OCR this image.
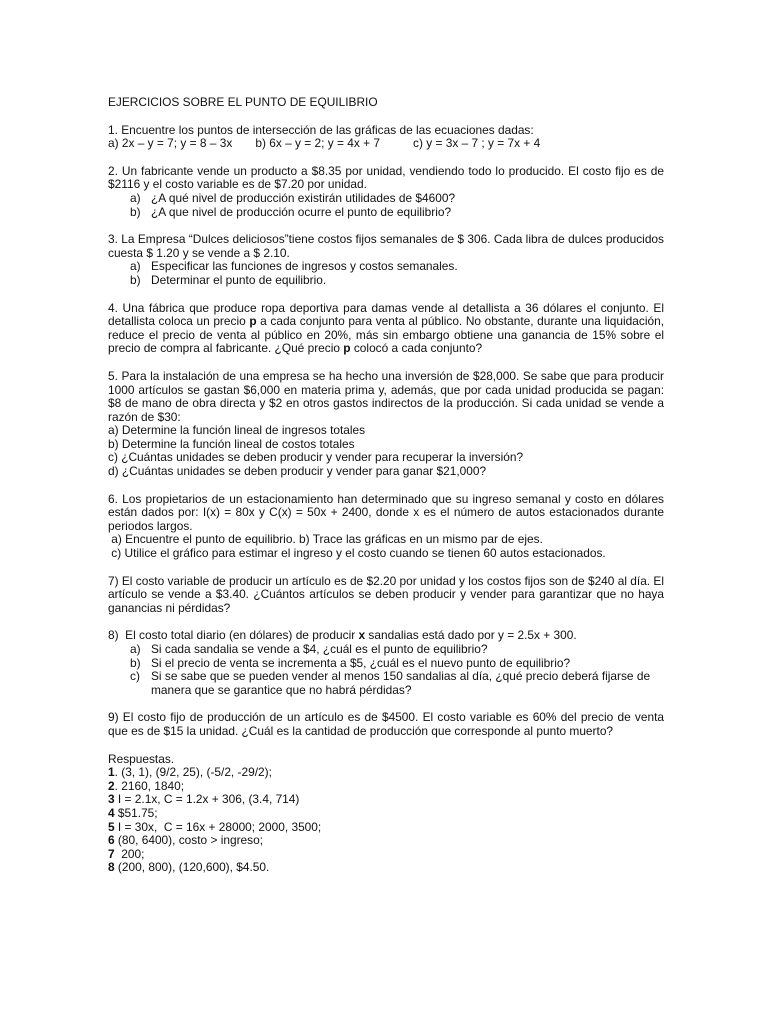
EJERCICIOS SOBRE EL PUNTO DE EQUILIBRIO
1. Encuentre los puntos de intersección de las gráficas de las ecuaciones dadas:
a) 2x – y = 7; y = 8 – 3x       b) 6x – y = 2; y = 4x + 7          c) y = 3x – 7 ; y = 7x + 4
2. Un fabricante vende un producto a $8.35 por unidad, vendiendo todo lo producido. El costo fijo es de $2116 y el costo variable es de $7.20 por unidad.
a) ¿A qué nivel de producción existirán utilidades de $4600?
b) ¿A que nivel de producción ocurre el punto de equilibrio?
3. La Empresa “Dulces deliciosos”tiene costos fijos semanales de $ 306. Cada libra de dulces producidos cuesta $ 1.20 y se vende a $ 2.10.
a) Especificar las funciones de ingresos y costos semanales.
b) Determinar el punto de equilibrio.
4. Una fábrica que produce ropa deportiva para damas vende al detallista a 36 dólares el conjunto. El detallista coloca un precio p a cada conjunto para venta al público. No obstante, durante una liquidación, reduce el precio de venta al público en 20%, más sin embargo obtiene una ganancia de 15% sobre el precio de compra al fabricante. ¿Qué precio p colocó a cada conjunto?
5. Para la instalación de una empresa se ha hecho una inversión de $28,000. Se sabe que para producir 1000 artículos se gastan $6,000 en materia prima y, además, que por cada unidad producida se pagan: $8 de mano de obra directa y $2 en otros gastos indirectos de la producción. Si cada unidad se vende a razón de $30:
a) Determine la función lineal de ingresos totales
b) Determine la función lineal de costos totales
c) ¿Cuántas unidades se deben producir y vender para recuperar la inversión?
d) ¿Cuántas unidades se deben producir y vender para ganar $21,000?
6. Los propietarios de un estacionamiento han determinado que su ingreso semanal y costo en dólares están dados por: I(x) = 80x y C(x) = 50x + 2400, donde x es el número de autos estacionados durante periodos largos.
a) Encuentre el punto de equilibrio. b) Trace las gráficas en un mismo par de ejes.
c) Utilice el gráfico para estimar el ingreso y el costo cuando se tienen 60 autos estacionados.
7) El costo variable de producir un artículo es de $2.20 por unidad y los costos fijos son de $240 al día. El artículo se vende a $3.40. ¿Cuántos artículos se deben producir y vender para garantizar que no haya ganancias ni pérdidas?
8)  El costo total diario (en dólares) de producir x sandalias está dado por y = 2.5x + 300.
a) Si cada sandalia se vende a $4, ¿cuál es el punto de equilibrio?
b) Si el precio de venta se incrementa a $5, ¿cuál es el nuevo punto de equilibrio?
c) Si se sabe que se pueden vender al menos 150 sandalias al día, ¿qué precio deberá fijarse de manera que se garantice que no habrá pérdidas?
9) El costo fijo de producción de un artículo es de $4500. El costo variable es 60% del precio de venta que es de $15 la unidad. ¿Cuál es la cantidad de producción que corresponde al punto muerto?
Respuestas.
1. (3, 1), (9/2, 25), (-5/2, -29/2);
2. 2160, 1840;
3 I = 2.1x, C = 1.2x + 306, (3.4, 714)
4 $51.75;
5 I = 30x,  C = 16x + 28000; 2000, 3500;
6 (80, 6400), costo > ingreso;
7  200;
8 (200, 800), (120,600), $4.50.
